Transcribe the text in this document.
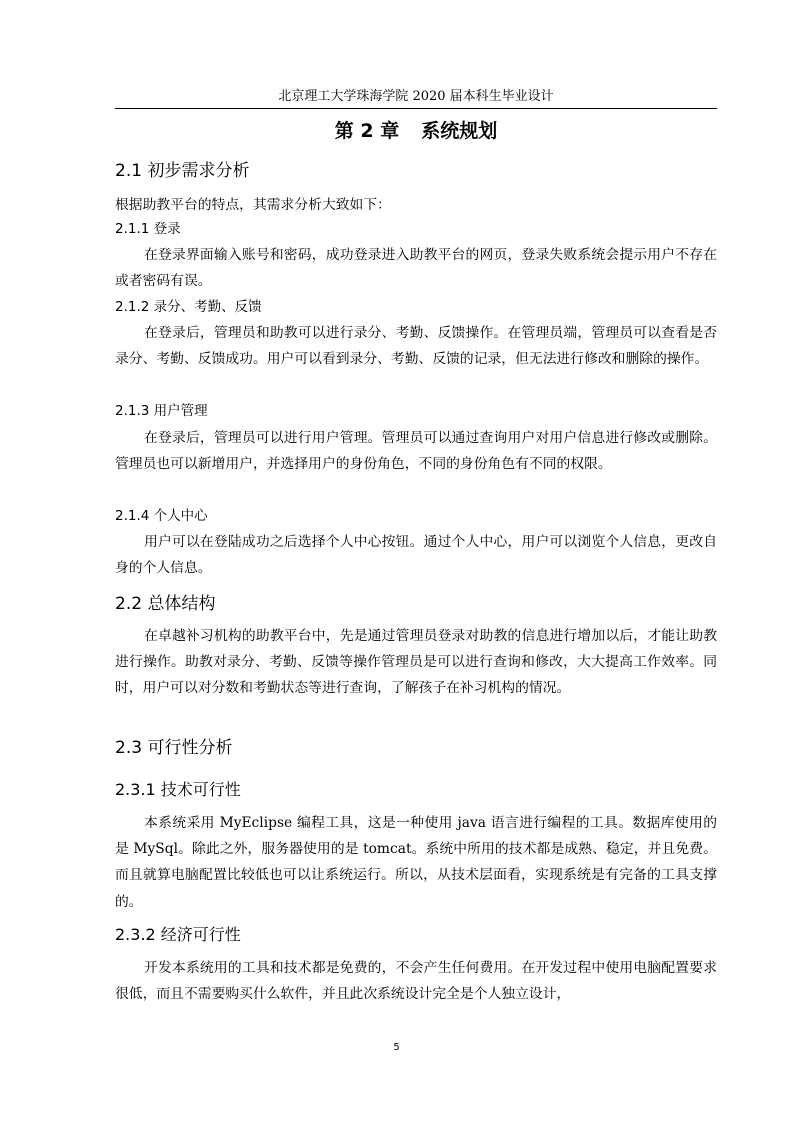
北京理工大学珠海学院 2020 届本科生毕业设计
第 2 章 系统规划
2.1 初步需求分析
根据助教平台的特点，其需求分析大致如下：
2.1.1 登录
在登录界面输入账号和密码，成功登录进入助教平台的网页，登录失败系统会提示用户不存在或者密码有误。
2.1.2 录分、考勤、反馈
在登录后，管理员和助教可以进行录分、考勤、反馈操作。在管理员端，管理员可以查看是否录分、考勤、反馈成功。用户可以看到录分、考勤、反馈的记录，但无法进行修改和删除的操作。
2.1.3 用户管理
在登录后，管理员可以进行用户管理。管理员可以通过查询用户对用户信息进行修改或删除。管理员也可以新增用户，并选择用户的身份角色，不同的身份角色有不同的权限。
2.1.4 个人中心
用户可以在登陆成功之后选择个人中心按钮。通过个人中心，用户可以浏览个人信息，更改自身的个人信息。
2.2 总体结构
在卓越补习机构的助教平台中，先是通过管理员登录对助教的信息进行增加以后，才能让助教进行操作。助教对录分、考勤、反馈等操作管理员是可以进行查询和修改，大大提高工作效率。同时，用户可以对分数和考勤状态等进行查询，了解孩子在补习机构的情况。
2.3 可行性分析
2.3.1 技术可行性
本系统采用 MyEclipse 编程工具，这是一种使用 java 语言进行编程的工具。数据库使用的是 MySql。除此之外，服务器使用的是 tomcat。系统中所用的技术都是成熟、稳定，并且免费。而且就算电脑配置比较低也可以让系统运行。所以，从技术层面看，实现系统是有完备的工具支撑的。
2.3.2 经济可行性
开发本系统用的工具和技术都是免费的，不会产生任何费用。在开发过程中使用电脑配置要求很低，而且不需要购买什么软件，并且此次系统设计完全是个人独立设计，
5
